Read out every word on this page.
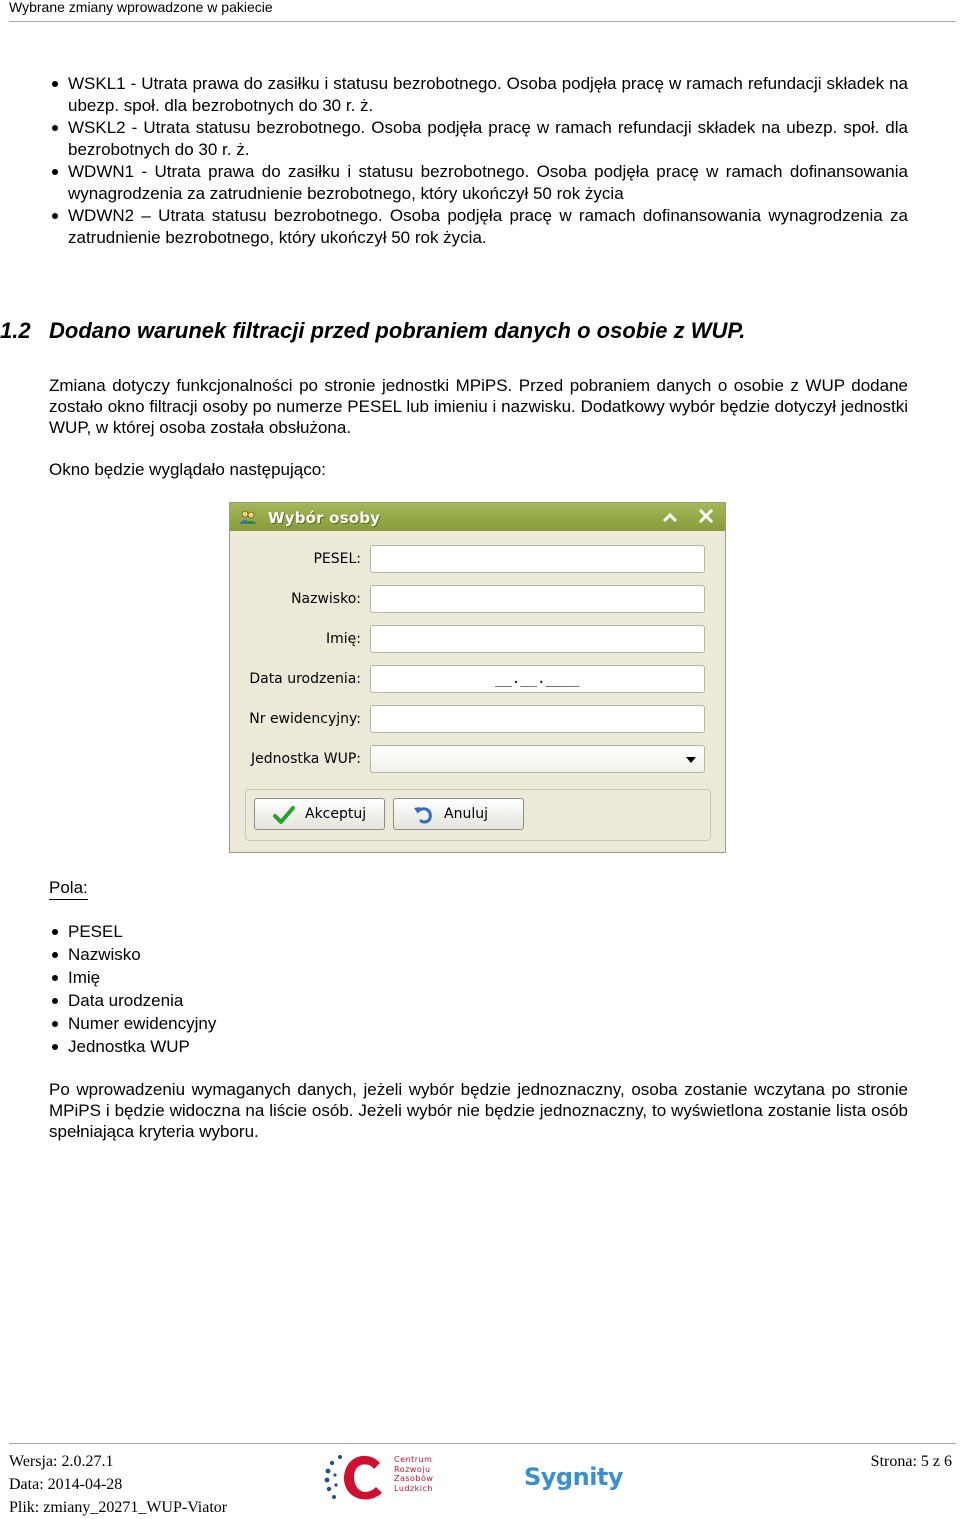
Wybrane zmiany wprowadzone w pakiecie
WSKL1 - Utrata prawa do zasiłku i statusu bezrobotnego. Osoba podjęła pracę w ramach refundacji składek na ubezp. społ. dla bezrobotnych do 30 r. ż.
WSKL2 - Utrata statusu bezrobotnego. Osoba podjęła pracę w ramach refundacji składek na ubezp. społ. dla bezrobotnych do 30 r. ż.
WDWN1 - Utrata prawa do zasiłku i statusu bezrobotnego. Osoba podjęła pracę w ramach dofinansowania wynagrodzenia za zatrudnienie bezrobotnego, który ukończył 50 rok życia
WDWN2 – Utrata statusu bezrobotnego. Osoba podjęła pracę w ramach dofinansowania wynagrodzenia za zatrudnienie bezrobotnego, który ukończył 50 rok życia.
1.2 Dodano warunek filtracji przed pobraniem danych o osobie z WUP.
Zmiana dotyczy funkcjonalności po stronie jednostki MPiPS. Przed pobraniem danych o osobie z WUP dodane zostało okno filtracji osoby po numerze PESEL lub imieniu i nazwisku. Dodatkowy wybór będzie dotyczył jednostki WUP, w której osoba została obsłużona.
Okno będzie wyglądało następująco:
Wybór osoby
PESEL:
Nazwisko:
Imię:
Data urodzenia:	__.__.____
Nr ewidencyjny:
Jednostka WUP:
Akceptuj	Anuluj
Pola:
PESEL
Nazwisko
Imię
Data urodzenia
Numer ewidencyjny
Jednostka WUP
Po wprowadzeniu wymaganych danych, jeżeli wybór będzie jednoznaczny, osoba zostanie wczytana po stronie MPiPS i będzie widoczna na liście osób. Jeżeli wybór nie będzie jednoznaczny, to wyświetlona zostanie lista osób spełniająca kryteria wyboru.
Wersja: 2.0.27.1
Data: 2014-04-28
Plik: zmiany_20271_WUP-Viator
Centrum
Rozwoju
Zasobów
Ludzkich	Sygnity
Strona: 5 z 6
